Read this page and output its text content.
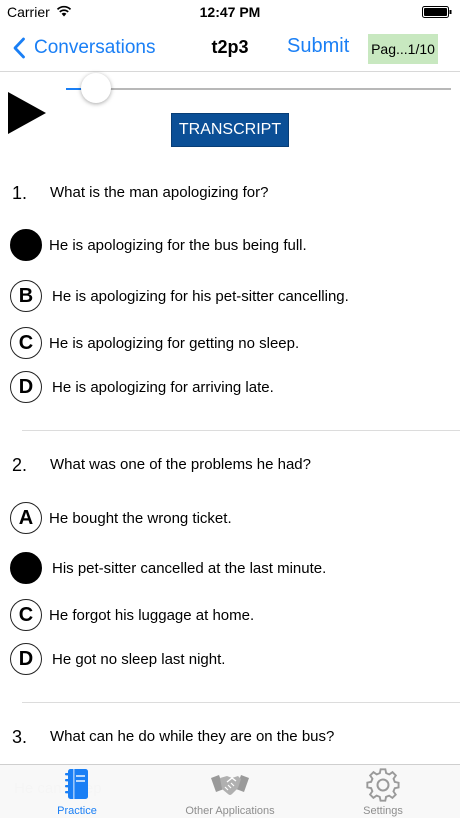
Carrier	12:47 PM
Conversations	t2p3	Submit Pag...1/10
TRANSCRIPT
1. What is the man apologizing for?
He is apologizing for the bus being full.
B	He is apologizing for his pet-sitter cancelling.
C	He is apologizing for getting no sleep.
D	He is apologizing for arriving late.
2. What was one of the problems he had?
A	He bought the wrong ticket.
His pet-sitter cancelled at the last minute.
C	He forgot his luggage at home.
D	He got no sleep last night.
3. What can he do while they are on the bus?
Practice	Other Applications	Settings
